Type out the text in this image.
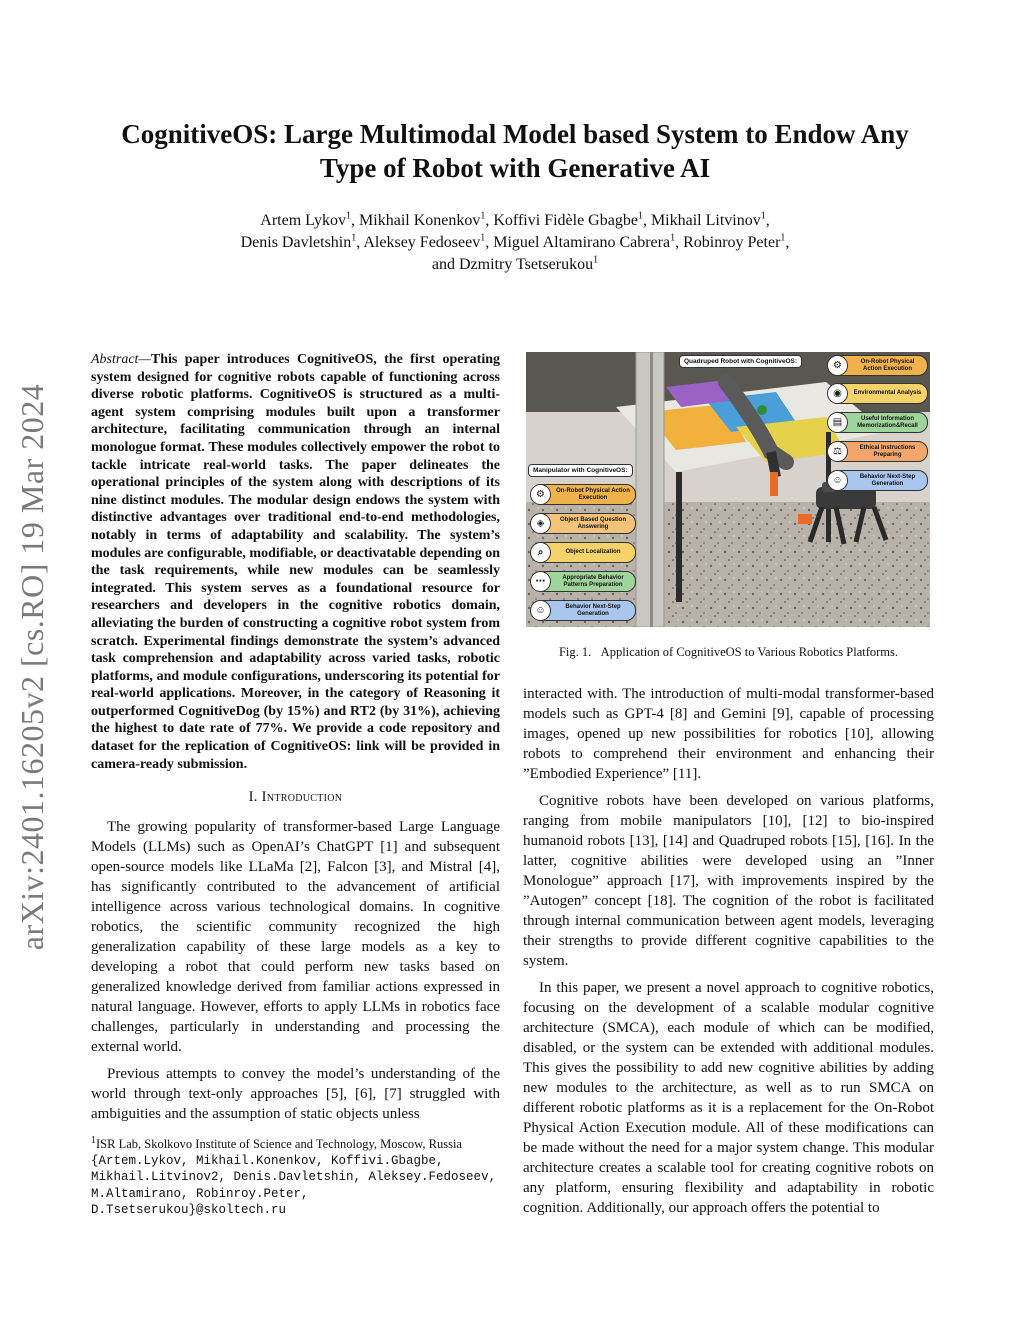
arXiv:2401.16205v2 [cs.RO] 19 Mar 2024
CognitiveOS: Large Multimodal Model based System to Endow Any
Type of Robot with Generative AI
Artem Lykov$^1$, Mikhail Konenkov$^1$, Koffivi Fidèle Gbagbe$^1$, Mikhail Litvinov$^1$,
Denis Davletshin$^1$, Aleksey Fedoseev$^1$, Miguel Altamirano Cabrera$^1$, Robinroy Peter$^1$,
and Dzmitry Tsetserukou$^1$
Abstract—This paper introduces CognitiveOS, the first operating system designed for cognitive robots capable of functioning across diverse robotic platforms. CognitiveOS is structured as a multi-agent system comprising modules built upon a transformer architecture, facilitating communication through an internal monologue format. These modules collectively empower the robot to tackle intricate real-world tasks. The paper delineates the operational principles of the system along with descriptions of its nine distinct modules. The modular design endows the system with distinctive advantages over traditional end-to-end methodologies, notably in terms of adaptability and scalability. The system’s modules are configurable, modifiable, or deactivatable depending on the task requirements, while new modules can be seamlessly integrated. This system serves as a foundational resource for researchers and developers in the cognitive robotics domain, alleviating the burden of constructing a cognitive robot system from scratch. Experimental findings demonstrate the system’s advanced task comprehension and adaptability across varied tasks, robotic platforms, and module configurations, underscoring its potential for real-world applications. Moreover, in the category of Reasoning it outperformed CognitiveDog (by 15%) and RT2 (by 31%), achieving the highest to date rate of 77%. We provide a code repository and dataset for the replication of CognitiveOS: link will be provided in camera-ready submission.
I. Introduction

The growing popularity of transformer-based Large Language Models (LLMs) such as OpenAI’s ChatGPT [1] and subsequent open-source models like LLaMa [2], Falcon [3], and Mistral [4], has significantly contributed to the advancement of artificial intelligence across various technological domains. In cognitive robotics, the scientific community recognized the high generalization capability of these large models as a key to developing a robot that could perform new tasks based on generalized knowledge derived from familiar actions expressed in natural language. However, efforts to apply LLMs in robotics face challenges, particularly in understanding and processing the external world.

Previous attempts to convey the model’s understanding of the world through text-only approaches [5], [6], [7] struggled with ambiguities and the assumption of static objects unless

$^1$ISR Lab, Skolkovo Institute of Science and Technology, Moscow, Russia {Artem.Lykov, Mikhail.Konenkov, Koffivi.Gbagbe, Mikhail.Litvinov2, Denis.Davletshin, Aleksey.Fedoseev, M.Altamirano, Robinroy.Peter, D.Tsetserukou}@skoltech.ru
Quadruped Robot with CognitiveOS:
Manipulator with CognitiveOS:
⚙	On-Robot Physical Action Execution
◉	Environmental Analysis
▤	Useful Information Memorization&Recall
⚖	Ethical Instructions Preparing
☺	Behavior Next-Step Generation
⚙	On-Robot Physical Action Execution
◈	Object Based Question Answering
⌕	Object Localization
⋯	Appropriate Behavior Patterns Preparation
☺	Behavior Next-Step Generation
Fig. 1. Application of CognitiveOS to Various Robotics Platforms.

interacted with. The introduction of multi-modal transformer-based models such as GPT-4 [8] and Gemini [9], capable of processing images, opened up new possibilities for robotics [10], allowing robots to comprehend their environment and enhancing their ”Embodied Experience” [11].

Cognitive robots have been developed on various platforms, ranging from mobile manipulators [10], [12] to bio-inspired humanoid robots [13], [14] and Quadruped robots [15], [16]. In the latter, cognitive abilities were developed using an ”Inner Monologue” approach [17], with improvements inspired by the ”Autogen” concept [18]. The cognition of the robot is facilitated through internal communication between agent models, leveraging their strengths to provide different cognitive capabilities to the system.

In this paper, we present a novel approach to cognitive robotics, focusing on the development of a scalable modular cognitive architecture (SMCA), each module of which can be modified, disabled, or the system can be extended with additional modules. This gives the possibility to add new cognitive abilities by adding new modules to the architecture, as well as to run SMCA on different robotic platforms as it is a replacement for the On-Robot Physical Action Execution module. All of these modifications can be made without the need for a major system change. This modular architecture creates a scalable tool for creating cognitive robots on any platform, ensuring flexibility and adaptability in robotic cognition. Additionally, our approach offers the potential to
